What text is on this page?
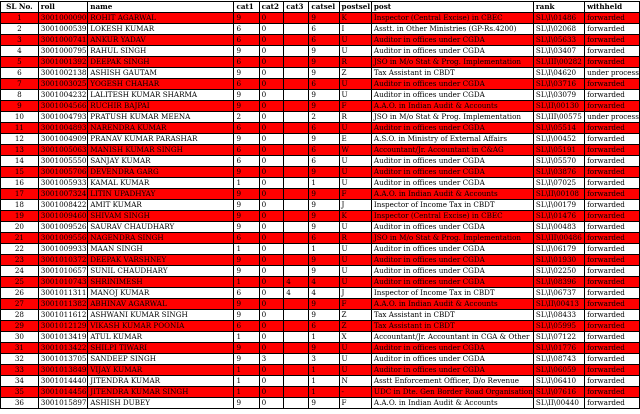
SL No.	roll	name	cat1	cat2	cat3	catsel	postsel	post	rank	withheld
1	3001000090	ROHIT AGARWAL	9	0		9	K	Inspector (Central Excise) in CBEC	SL\I\01486	forwarded
2	3001000539	LOKESH KUMAR	6	0		6	I	Asstt. in Other Ministries (GP-Rs.4200)	SL\I\02068	forwarded
3	3001000741	ANKUR YADAV	6	0		6	U	Auditor in offices under CGDA	SL\I\05633	forwarded
4	3001000795	RAHUL SINGH	9	0		9	U	Auditor in offices under CGDA	SL\I\03407	forwarded
5	3001001392	DEEPAK SINGH	6	0		9	R	JSO in M/o Stat & Prog. Implementation	SL\III\00282	forwarded
6	3001002138	ASHISH GAUTAM	9	0		9	Z	Tax Assistant in CBDT	SL\I\04620	under process
7	3001003025	YOGESH CHAHAR	6	0		6	U	Auditor in offices under CGDA	SL\I\03716	forwarded
8	3001004232	LALITESH KUMAR SHARMA	9	0		9	U	Auditor in offices under CGDA	SL\I\03079	forwarded
9	3001004566	RUCHIR BAJPAI	9	0		9	F	A.A.O. in Indian Audit & Accounts	SL\II\00130	forwarded
10	3001004793	PRATUSH KUMAR MEENA	2	0		2	R	JSO in M/o Stat & Prog. Implementation	SL\III\00575	under process
11	3001004893	NARENDRA KUMAR	6	0		6	U	Auditor in offices under CGDA	SL\I\05514	forwarded
12	3001004909	PRANAV KUMAR PARASHAR	9	0		9	E	A.S.O. in Ministry of External Affairs	SL\I\00452	forwarded
13	3001005063	MANISH KUMAR SINGH	6	0		6	W	Accountant/Jr. Accountant in C&AG	SL\I\05191	forwarded
14	3001005550	SANJAY KUMAR	6	0		6	U	Auditor in offices under CGDA	SL\I\05570	forwarded
15	3001005706	DEVENDRA GARG	9	0		9	U	Auditor in offices under CGDA	SL\I\03876	forwarded
16	3001005933	KAMAL KUMAR	1	0		1	U	Auditor in offices under CGDA	SL\I\07025	forwarded
17	3001007324	LITIN UPADHYAY	9	0		9	F	A.A.O. in Indian Audit & Accounts	SL\II\00108	forwarded
18	3001008422	AMIT KUMAR	9	0		9	J	Inspector of Income Tax in CBDT	SL\I\00179	forwarded
19	3001009460	SHIVAM SINGH	9	0		9	K	Inspector (Central Excise) in CBEC	SL\I\01476	forwarded
20	3001009526	SAURAV CHAUDHARY	9	0		9	U	Auditor in offices under CGDA	SL\I\00483	forwarded
21	3001009556	NAGENDRA SINGH	6	0		6	R	JSO in M/o Stat & Prog. Implementation	SL\III\00486	forwarded
22	3001009933	MAAN SINGH	1	0		1	U	Auditor in offices under CGDA	SL\I\06179	forwarded
23	3001010372	DEEPAK VARSHNEY	9	0		9	U	Auditor in offices under CGDA	SL\I\01930	forwarded
24	3001010657	SUNIL CHAUDHARY	9	0		9	U	Auditor in offices under CGDA	SL\I\02250	forwarded
25	3001010743	SHRINIMESH	1	0	4	4	U	Auditor in offices under CGDA	SL\I\08396	forwarded
26	3001011311	MANOJ KUMAR	6	0	4	4	J	Inspector of Income Tax in CBDT	SL\I\06737	forwarded
27	3001011382	ABHINAV AGARWAL	9	0		9	F	A.A.O. in Indian Audit & Accounts	SL\II\00413	forwarded
28	3001011612	ASHWANI KUMAR SINGH	9	0		9	Z	Tax Assistant in CBDT	SL\I\08433	forwarded
29	3001012129	VIKASH KUMAR POONIA	6	0		6	Z	Tax Assistant in CBDT	SL\I\05995	forwarded
30	3001013419	ATUL KUMAR	1	0		1	X	Accountant/Jr. Accountant in CGA & Other	SL\I\07122	forwarded
31	3001013422	SHILPI TIWARI	9	0		9	U	Auditor in offices under CGDA	SL\I\01776	forwarded
32	3001013705	SANDEEP SINGH	9	3		3	U	Auditor in offices under CGDA	SL\I\08743	forwarded
33	3001013849	VIJAY KUMAR	1	0		1	U	Auditor in offices under CGDA	SL\I\06059	forwarded
34	3001014440	JITENDRA KUMAR	1	0		1	N	Asstt Enforcement Officer, D/o Revenue	SL\I\06410	forwarded
35	3001014456	JITENDRA KUMAR SINGH	1	0		1	-	UDC in Dte. Gen Border Road Organisation	SL\I\07616	forwarded
36	3001015897	ASHISH DUBEY	9	0		9	F	A.A.O. in Indian Audit & Accounts	SL\II\00440	forwarded
